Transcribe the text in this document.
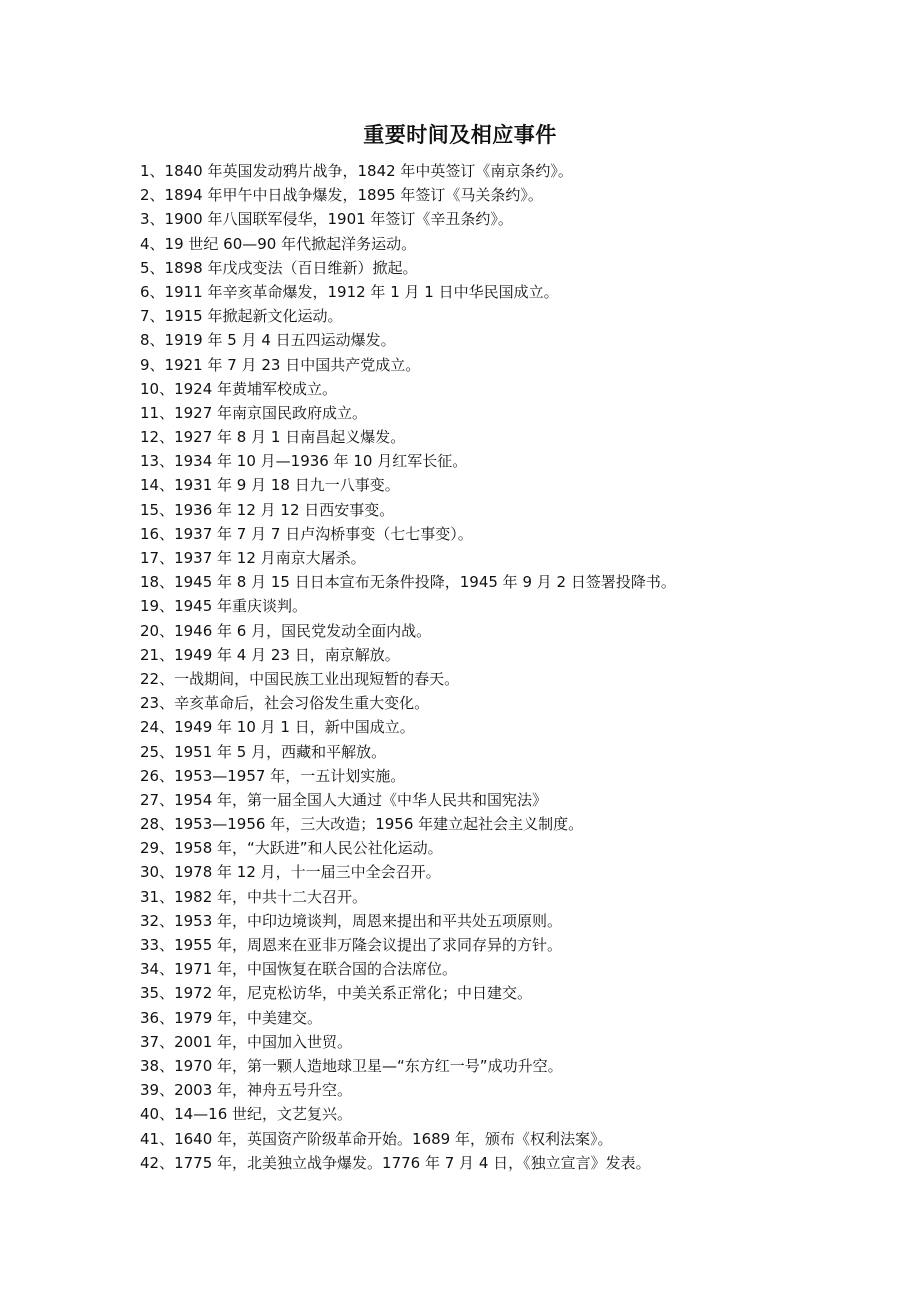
重要时间及相应事件
1、1840 年英国发动鸦片战争，1842 年中英签订《南京条约》。
2、1894 年甲午中日战争爆发，1895 年签订《马关条约》。
3、1900 年八国联军侵华，1901 年签订《辛丑条约》。
4、19 世纪 60—90 年代掀起洋务运动。
5、1898 年戊戌变法（百日维新）掀起。
6、1911 年辛亥革命爆发，1912 年 1 月 1 日中华民国成立。
7、1915 年掀起新文化运动。
8、1919 年 5 月 4 日五四运动爆发。
9、1921 年 7 月 23 日中国共产党成立。
10、1924 年黄埔军校成立。
11、1927 年南京国民政府成立。
12、1927 年 8 月 1 日南昌起义爆发。
13、1934 年 10 月—1936 年 10 月红军长征。
14、1931 年 9 月 18 日九一八事变。
15、1936 年 12 月 12 日西安事变。
16、1937 年 7 月 7 日卢沟桥事变（七七事变）。
17、1937 年 12 月南京大屠杀。
18、1945 年 8 月 15 日日本宣布无条件投降，1945 年 9 月 2 日签署投降书。
19、1945 年重庆谈判。
20、1946 年 6 月，国民党发动全面内战。
21、1949 年 4 月 23 日，南京解放。
22、一战期间，中国民族工业出现短暂的春天。
23、辛亥革命后，社会习俗发生重大变化。
24、1949 年 10 月 1 日，新中国成立。
25、1951 年 5 月，西藏和平解放。
26、1953—1957 年，一五计划实施。
27、1954 年，第一届全国人大通过《中华人民共和国宪法》
28、1953—1956 年，三大改造；1956 年建立起社会主义制度。
29、1958 年，“大跃进”和人民公社化运动。
30、1978 年 12 月，十一届三中全会召开。
31、1982 年，中共十二大召开。
32、1953 年，中印边境谈判，周恩来提出和平共处五项原则。
33、1955 年，周恩来在亚非万隆会议提出了求同存异的方针。
34、1971 年，中国恢复在联合国的合法席位。
35、1972 年，尼克松访华，中美关系正常化；中日建交。
36、1979 年，中美建交。
37、2001 年，中国加入世贸。
38、1970 年，第一颗人造地球卫星—“东方红一号”成功升空。
39、2003 年，神舟五号升空。
40、14—16 世纪，文艺复兴。
41、1640 年，英国资产阶级革命开始。1689 年，颁布《权利法案》。
42、1775 年，北美独立战争爆发。1776 年 7 月 4 日，《独立宣言》发表。
